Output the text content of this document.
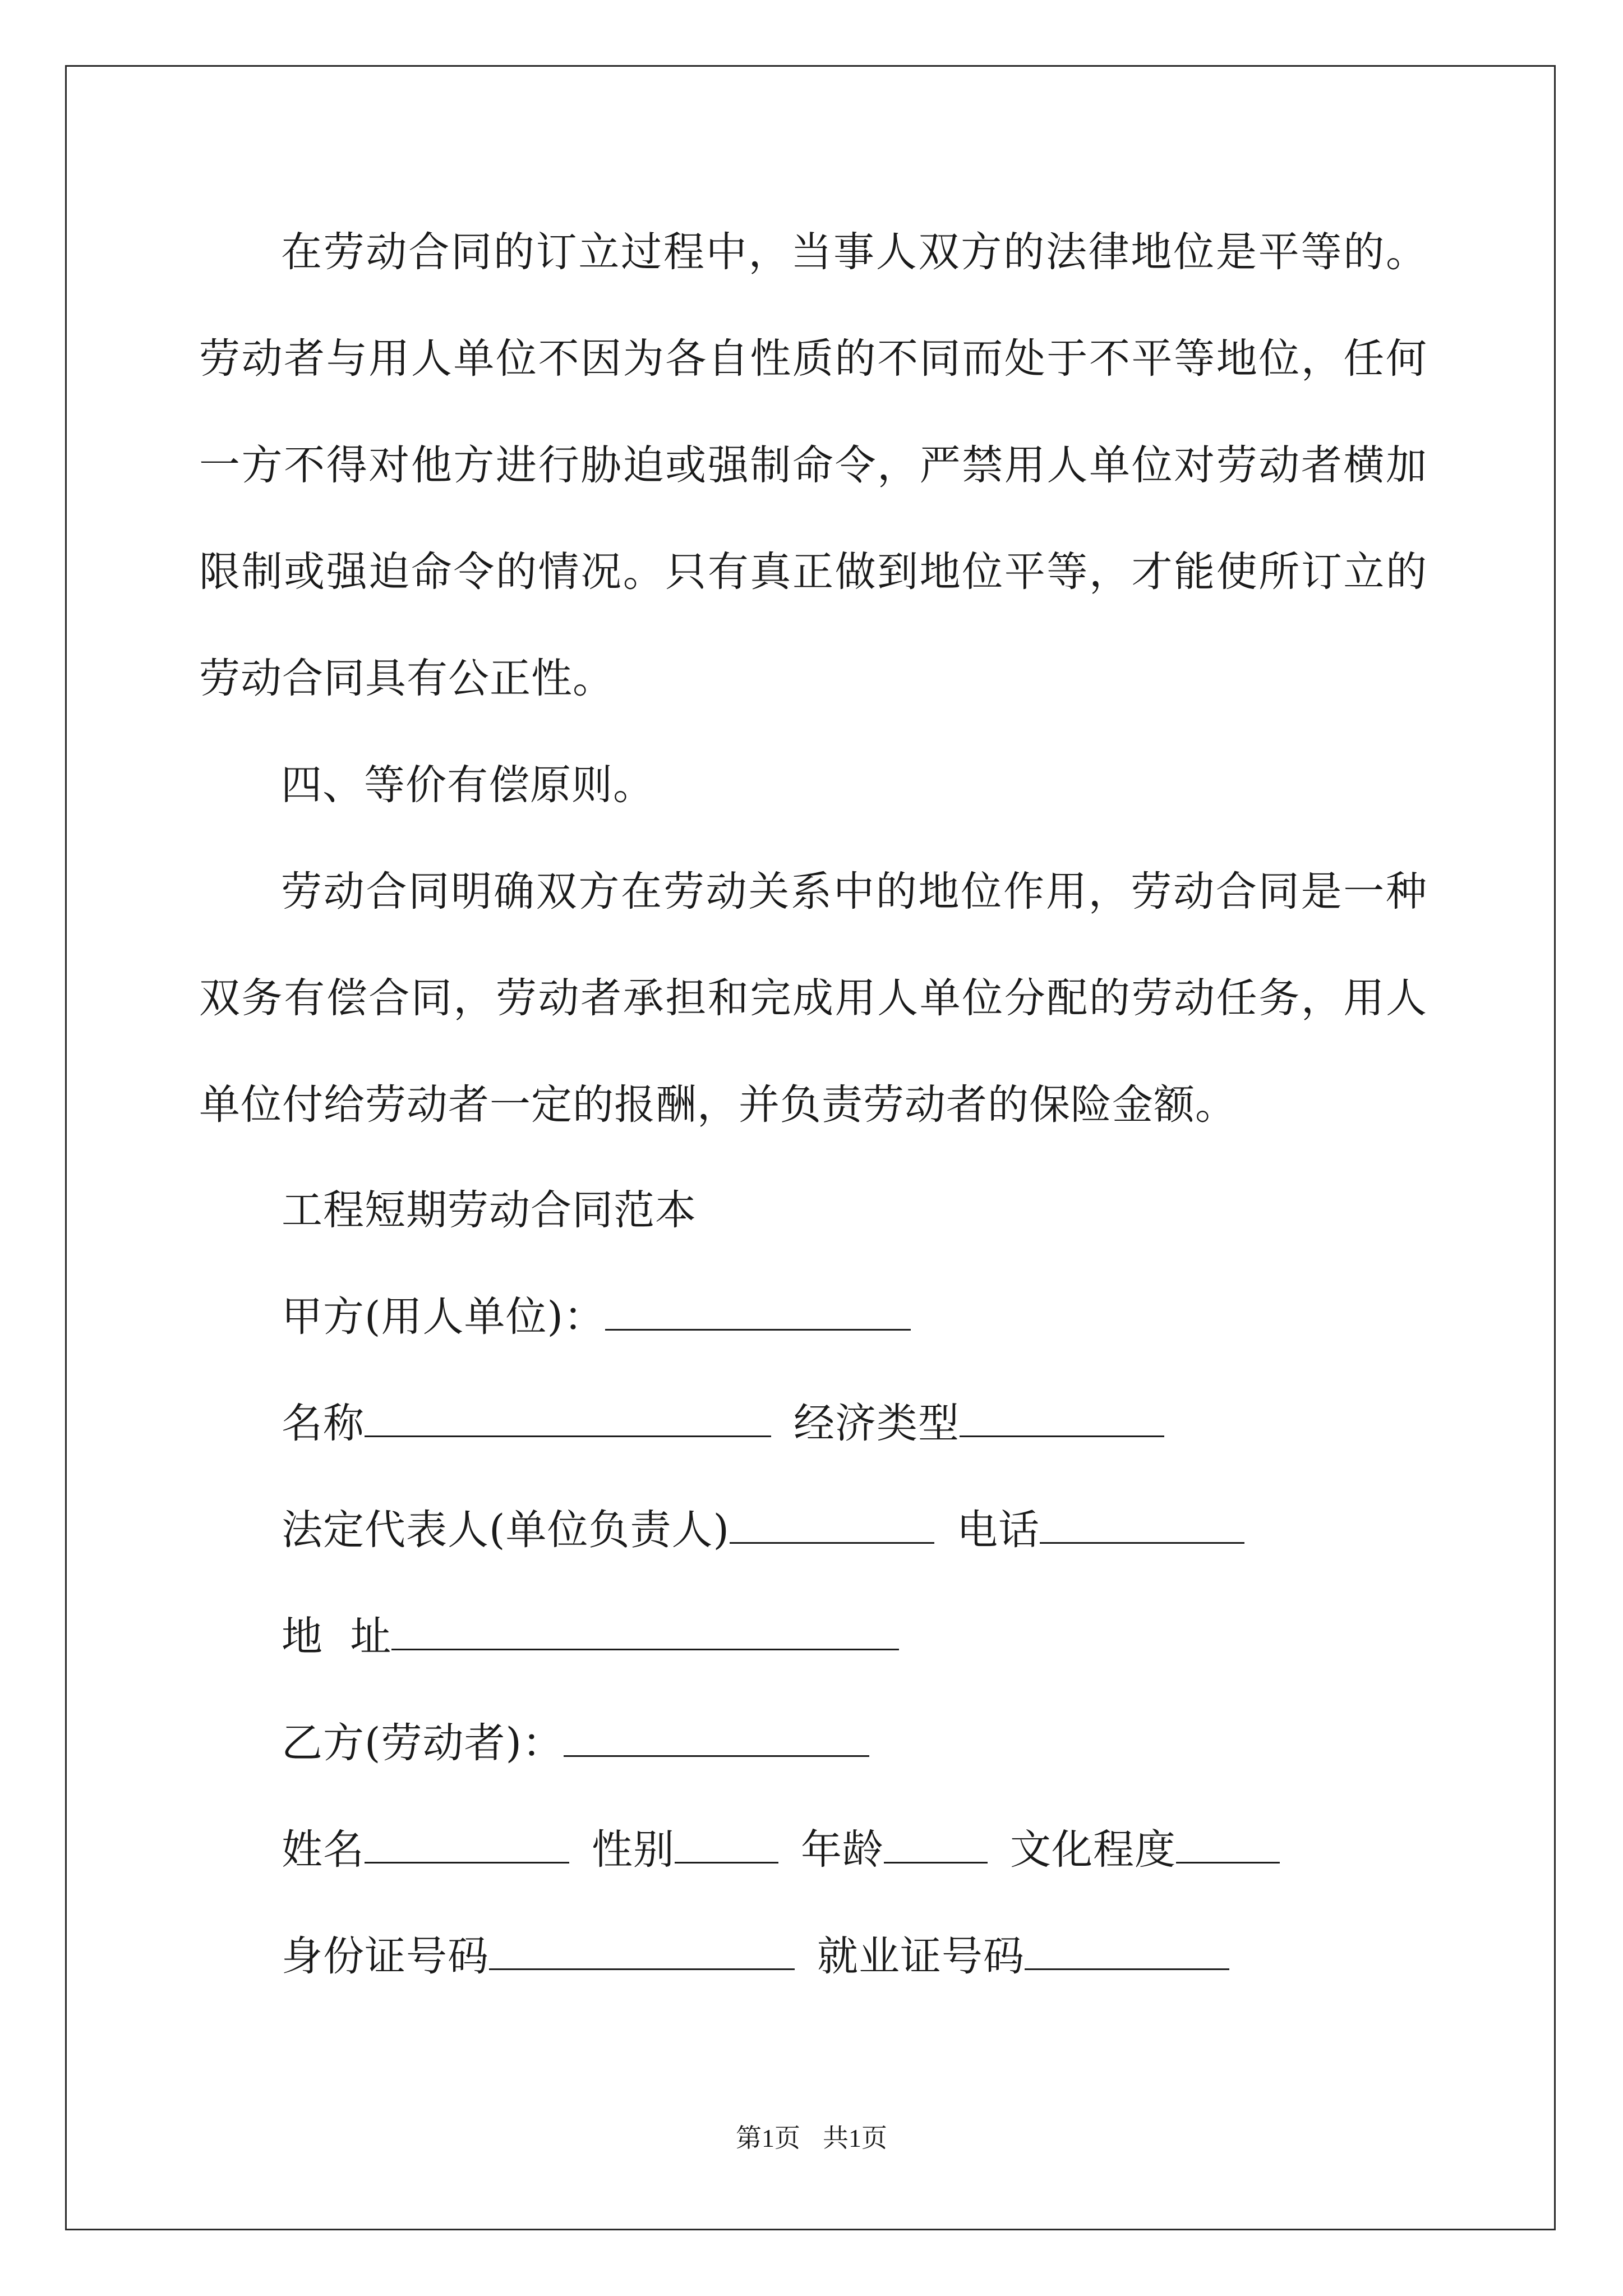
在劳动合同的订立过程中，当事人双方的法律地位是平等的。劳动者与用人单位不因为各自性质的不同而处于不平等地位，任何一方不得对他方进行胁迫或强制命令，严禁用人单位对劳动者横加限制或强迫命令的情况。只有真正做到地位平等，才能使所订立的劳动合同具有公正性。

四、等价有偿原则。

劳动合同明确双方在劳动关系中的地位作用，劳动合同是一种双务有偿合同，劳动者承担和完成用人单位分配的劳动任务，用人单位付给劳动者一定的报酬，并负责劳动者的保险金额。

工程短期劳动合同范本
甲方(用人单位)：
名称	经济类型
法定代表人(单位负责人)	电话
地  址
乙方(劳动者)：
姓名	性别	年龄	文化程度
身份证号码	就业证号码
第1页 共1页
